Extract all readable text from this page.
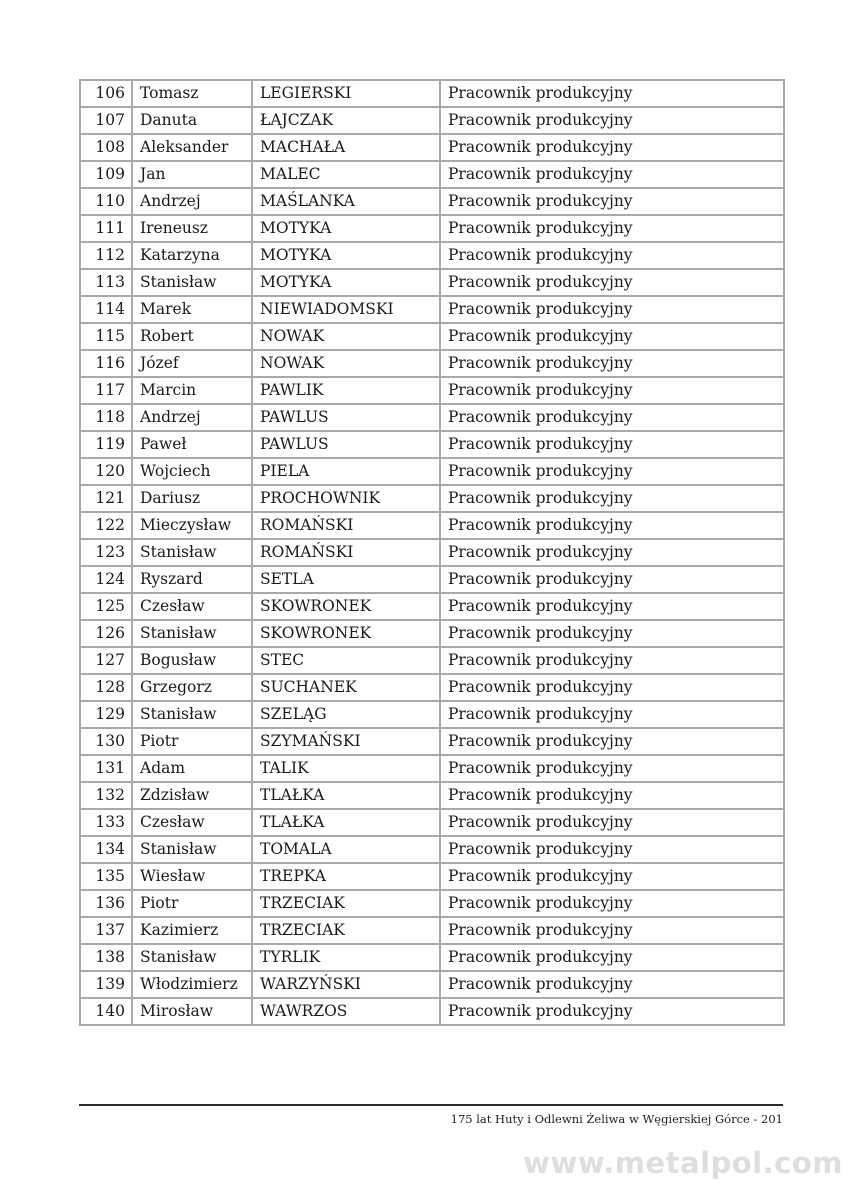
106	Tomasz	LEGIERSKI	Pracownik produkcyjny
107	Danuta	ŁAJCZAK	Pracownik produkcyjny
108	Aleksander	MACHAŁA	Pracownik produkcyjny
109	Jan	MALEC	Pracownik produkcyjny
110	Andrzej	MAŚLANKA	Pracownik produkcyjny
111	Ireneusz	MOTYKA	Pracownik produkcyjny
112	Katarzyna	MOTYKA	Pracownik produkcyjny
113	Stanisław	MOTYKA	Pracownik produkcyjny
114	Marek	NIEWIADOMSKI	Pracownik produkcyjny
115	Robert	NOWAK	Pracownik produkcyjny
116	Józef	NOWAK	Pracownik produkcyjny
117	Marcin	PAWLIK	Pracownik produkcyjny
118	Andrzej	PAWLUS	Pracownik produkcyjny
119	Paweł	PAWLUS	Pracownik produkcyjny
120	Wojciech	PIELA	Pracownik produkcyjny
121	Dariusz	PROCHOWNIK	Pracownik produkcyjny
122	Mieczysław	ROMAŃSKI	Pracownik produkcyjny
123	Stanisław	ROMAŃSKI	Pracownik produkcyjny
124	Ryszard	SETLA	Pracownik produkcyjny
125	Czesław	SKOWRONEK	Pracownik produkcyjny
126	Stanisław	SKOWRONEK	Pracownik produkcyjny
127	Bogusław	STEC	Pracownik produkcyjny
128	Grzegorz	SUCHANEK	Pracownik produkcyjny
129	Stanisław	SZELĄG	Pracownik produkcyjny
130	Piotr	SZYMAŃSKI	Pracownik produkcyjny
131	Adam	TALIK	Pracownik produkcyjny
132	Zdzisław	TLAŁKA	Pracownik produkcyjny
133	Czesław	TLAŁKA	Pracownik produkcyjny
134	Stanisław	TOMALA	Pracownik produkcyjny
135	Wiesław	TREPKA	Pracownik produkcyjny
136	Piotr	TRZECIAK	Pracownik produkcyjny
137	Kazimierz	TRZECIAK	Pracownik produkcyjny
138	Stanisław	TYRLIK	Pracownik produkcyjny
139	Włodzimierz	WARZYŃSKI	Pracownik produkcyjny
140	Mirosław	WAWRZOS	Pracownik produkcyjny
175 lat Huty i Odlewni Żeliwa w Węgierskiej Górce - 201
www.metalpol.com
